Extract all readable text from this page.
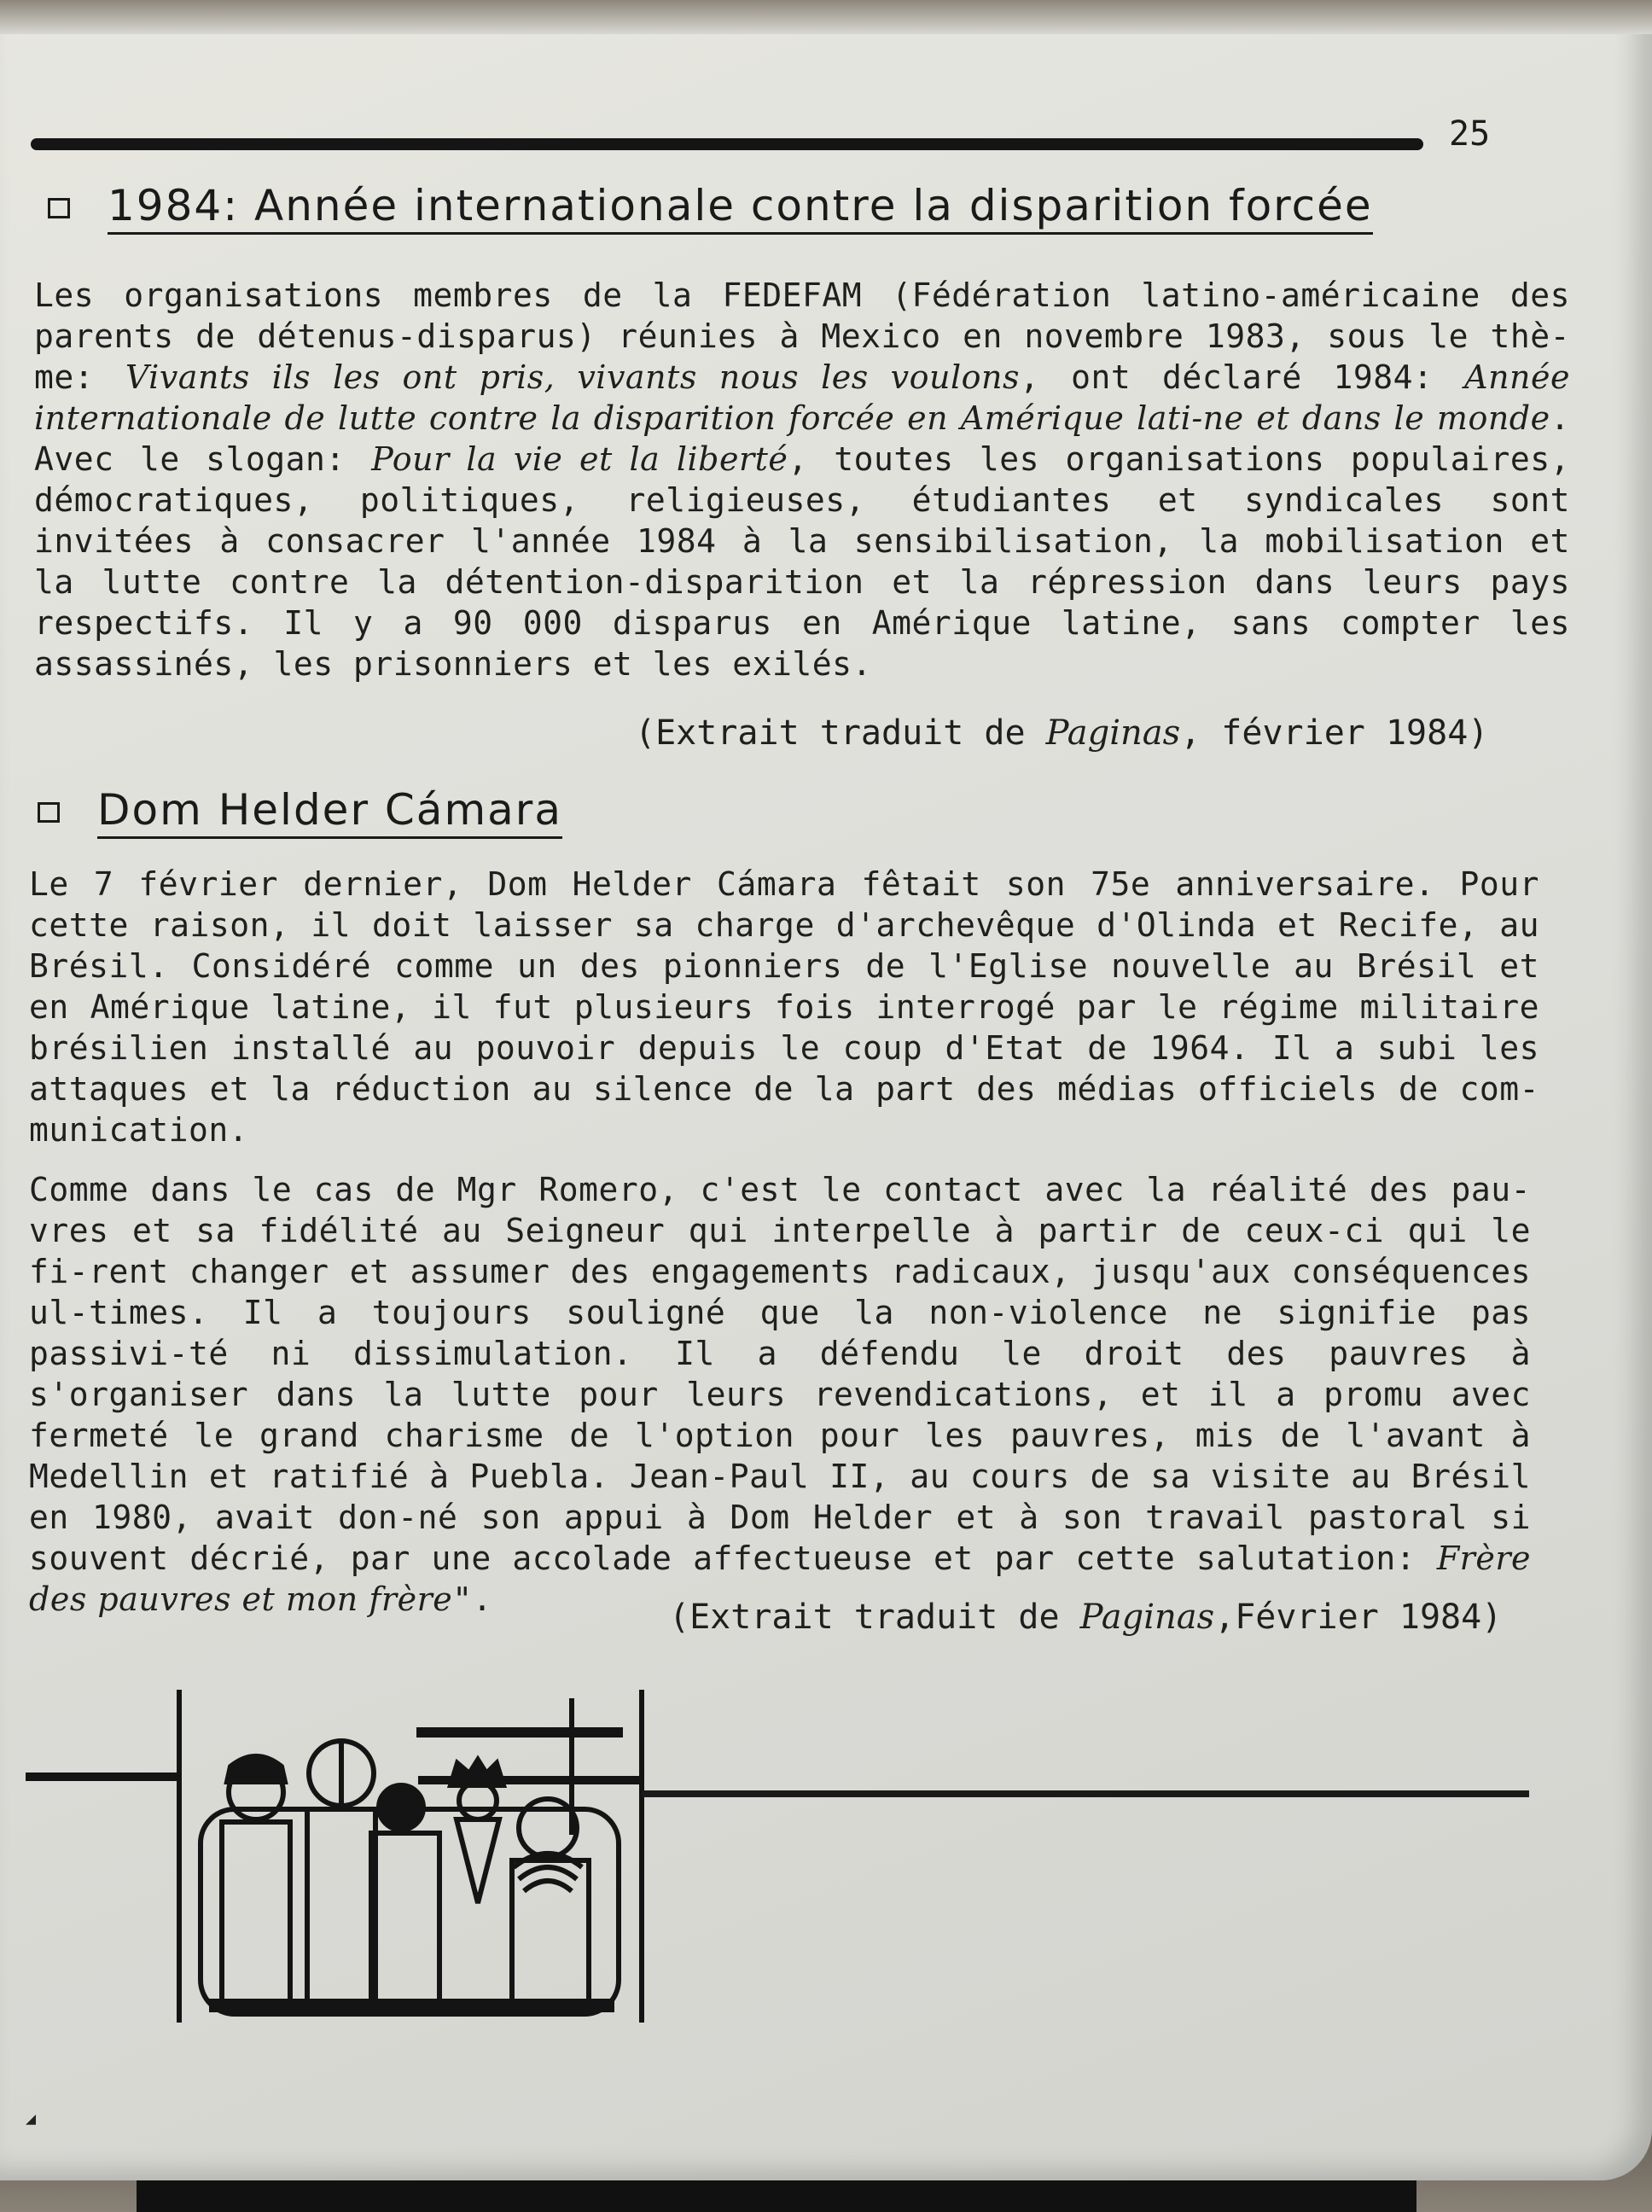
25
1984: Année internationale contre la disparition forcée

Les organisations membres de la FEDEFAM (Fédération latino-américaine des parents de détenus-disparus) réunies à Mexico en novembre 1983, sous le thè-me: Vivants ils les ont pris, vivants nous les voulons, ont déclaré 1984: Année internationale de lutte contre la disparition forcée en Amérique lati-ne et dans le monde. Avec le slogan: Pour la vie et la liberté, toutes les organisations populaires, démocratiques, politiques, religieuses, étudiantes et syndicales sont invitées à consacrer l'année 1984 à la sensibilisation, la mobilisation et la lutte contre la détention-disparition et la répression dans leurs pays respectifs. Il y a 90 000 disparus en Amérique latine, sans compter les assassinés, les prisonniers et les exilés.

(Extrait traduit de Paginas, février 1984)
Dom Helder Cámara

Le 7 février dernier, Dom Helder Cámara fêtait son 75e anniversaire. Pour cette raison, il doit laisser sa charge d'archevêque d'Olinda et Recife, au Brésil. Considéré comme un des pionniers de l'Eglise nouvelle au Brésil et en Amérique latine, il fut plusieurs fois interrogé par le régime militaire brésilien installé au pouvoir depuis le coup d'Etat de 1964. Il a subi les attaques et la réduction au silence de la part des médias officiels de com-munication.

Comme dans le cas de Mgr Romero, c'est le contact avec la réalité des pau-vres et sa fidélité au Seigneur qui interpelle à partir de ceux-ci qui le fi-rent changer et assumer des engagements radicaux, jusqu'aux conséquences ul-times. Il a toujours souligné que la non-violence ne signifie pas passivi-té ni dissimulation. Il a défendu le droit des pauvres à s'organiser dans la lutte pour leurs revendications, et il a promu avec fermeté le grand charisme de l'option pour les pauvres, mis de l'avant à Medellin et ratifié à Puebla. Jean-Paul II, au cours de sa visite au Brésil en 1980, avait don-né son appui à Dom Helder et à son travail pastoral si souvent décrié, par une accolade affectueuse et par cette salutation: Frère des pauvres et mon frère".	(Extrait traduit de Paginas,Février 1984)
◢
